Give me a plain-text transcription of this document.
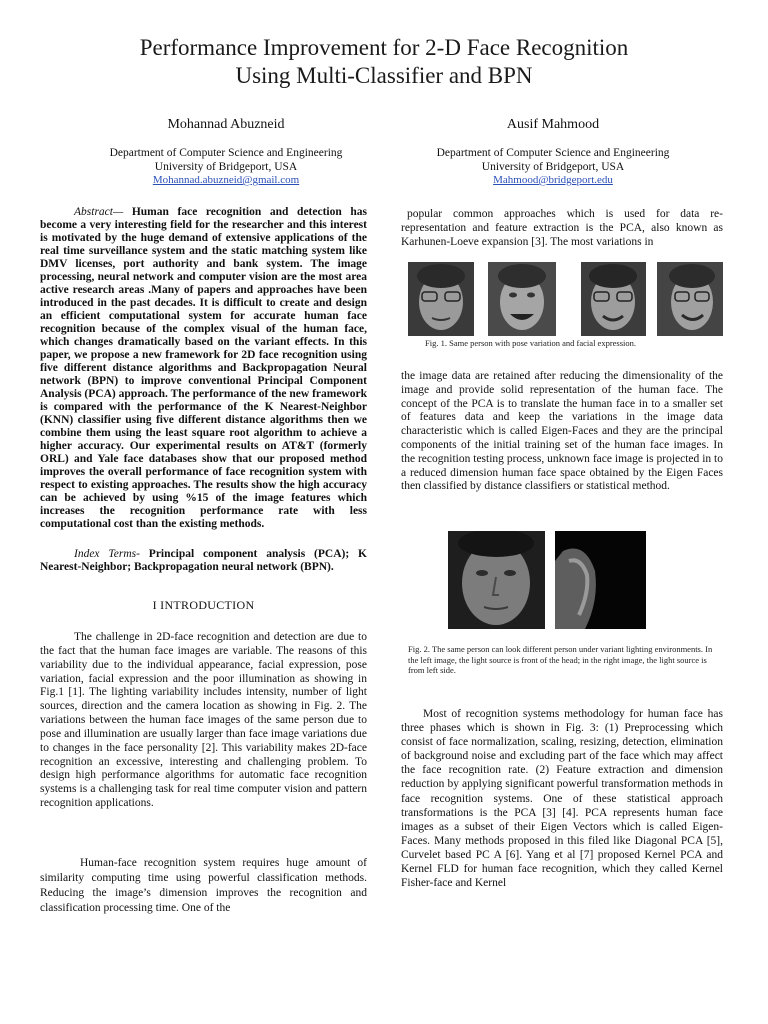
Performance Improvement for 2-D Face Recognition
Using Multi-Classifier and BPN
Mohannad Abuzneid
Department of Computer Science and Engineering
University of Bridgeport, USA
Mohannad.abuzneid@gmail.com
Ausif Mahmood
Department of Computer Science and Engineering
University of Bridgeport, USA
Mahmood@bridgeport.edu

Abstract— Human face recognition and detection has become a very interesting field for the researcher and this interest is motivated by the huge demand of extensive applications of the real time surveillance system and the static matching system like DMV licenses, port authority and bank system. The image processing, neural network and computer vision are the most area active research areas .Many of papers and approaches have been introduced in the past decades. It is difficult to create and design an efficient computational system for accurate human face recognition because of the complex visual of the human face, which changes dramatically based on the variant effects. In this paper, we propose a new framework for 2D face recognition using five different distance algorithms and Backpropagation Neural network (BPN) to improve conventional Principal Component Analysis (PCA) approach. The performance of the new framework is compared with the performance of the K Nearest-Neighbor (KNN) classifier using five different distance algorithms then we combine them using the least square root algorithm to achieve a higher accuracy. Our experimental results on AT&T (formerly ORL) and Yale face databases show that our proposed method improves the overall performance of face recognition system with respect to existing approaches. The results show the high accuracy can be achieved by using %15 of the image features which increases the recognition performance rate with less computational cost than the existing methods.

Index Terms- Principal component analysis (PCA); K Nearest-Neighbor; Backpropagation neural network (BPN).

I INTRODUCTION

The challenge in 2D-face recognition and detection are due to the fact that the human face images are variable. The reasons of this variability due to the individual appearance, facial expression, pose variation, facial expression and the poor illumination as showing in Fig.1 [1]. The lighting variability includes intensity, number of light sources, direction and the camera location as showing in Fig. 2. The variations between the human face images of the same person due to pose and illumination are usually larger than face image variations due to changes in the face personality [2]. This variability makes 2D-face recognition an excessive, interesting and challenging problem. To design high performance algorithms for automatic face recognition systems is a challenging task for real time computer vision and pattern recognition applications.

Human-face recognition system requires huge amount of similarity computing time using powerful classification methods. Reducing the image’s dimension improves the recognition and classification processing time. One of the

popular common approaches which is used for data re-representation and feature extraction is the PCA, also known as Karhunen-Loeve expansion [3]. The most variations in

Fig. 1. Same person with pose variation and facial expression.

the image data are retained after reducing the dimensionality of the image and provide solid representation of the human face. The concept of the PCA is to translate the human face in to a smaller set of features data and keep the variations in the image data characteristic which is called Eigen-Faces and they are the principal components of the initial training set of the human face images. In the recognition testing process, unknown face image is projected in to a reduced dimension human face space obtained by the Eigen Faces then classified by distance classifiers or statistical method.

Fig. 2. The same person can look different person under variant lighting environments. In the left image, the light source is front of the head; in the right image, the light source is from left side.

Most of recognition systems methodology for human face has three phases which is shown in Fig. 3: (1) Preprocessing which consist of face normalization, scaling, resizing, detection, elimination of background noise and excluding part of the face which may affect the face recognition rate. (2) Feature extraction and dimension reduction by applying significant powerful transformation methods in face recognition systems. One of these statistical approach transformations is the PCA [3] [4]. PCA represents human face images as a subset of their Eigen Vectors which is called Eigen-Faces. Many methods proposed in this filed like Diagonal PCA [5], Curvelet based PC A [6]. Yang et al [7] proposed Kernel PCA and Kernel FLD for human face recognition, which they called Kernel Fisher-face and Kernel
